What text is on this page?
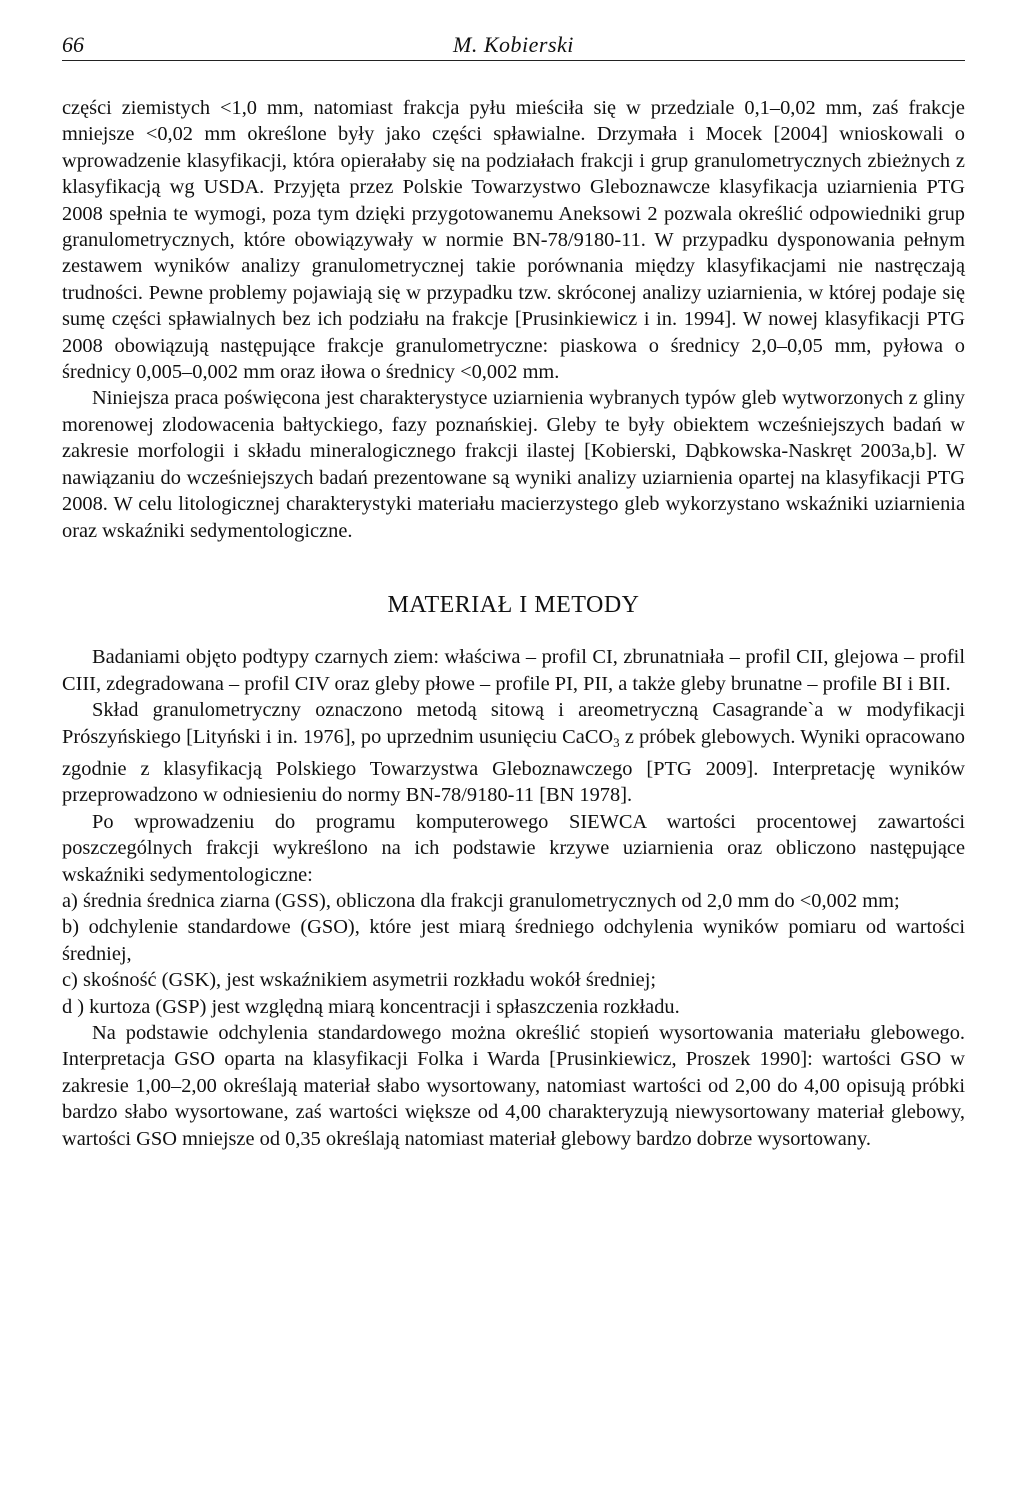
66	M. Kobierski

części ziemistych <1,0 mm, natomiast frakcja pyłu mieściła się w przedziale 0,1–0,02 mm, zaś frakcje mniejsze <0,02 mm określone były jako części spławialne. Drzymała i Mocek [2004] wnioskowali o wprowadzenie klasyfikacji, która opierałaby się na podziałach frakcji i grup granulometrycznych zbieżnych z klasyfikacją wg USDA. Przyjęta przez Polskie Towarzystwo Gleboznawcze klasyfikacja uziarnienia PTG 2008 spełnia te wymogi, poza tym dzięki przygotowanemu Aneksowi 2 pozwala określić odpowiedniki grup granulometrycznych, które obowiązywały w normie BN-78/9180-11. W przypadku dysponowania pełnym zestawem wyników analizy granulometrycznej takie porównania między klasyfikacjami nie nastręczają trudności. Pewne problemy pojawiają się w przypadku tzw. skróconej analizy uziarnienia, w której podaje się sumę części spławialnych bez ich podziału na frakcje [Prusinkiewicz i in. 1994]. W nowej klasyfikacji PTG 2008 obowiązują następujące frakcje granulometryczne: piaskowa o średnicy 2,0–0,05 mm, pyłowa o średnicy 0,005–0,002 mm oraz iłowa o średnicy <0,002 mm.

Niniejsza praca poświęcona jest charakterystyce uziarnienia wybranych typów gleb wytworzonych z gliny morenowej zlodowacenia bałtyckiego, fazy poznańskiej. Gleby te były obiektem wcześniejszych badań w zakresie morfologii i składu mineralogicznego frakcji ilastej [Kobierski, Dąbkowska-Naskręt 2003a,b]. W nawiązaniu do wcześniejszych badań prezentowane są wyniki analizy uziarnienia opartej na klasyfikacji PTG 2008. W celu litologicznej charakterystyki materiału macierzystego gleb wykorzystano wskaźniki uziarnienia oraz wskaźniki sedymentologiczne.

MATERIAŁ I METODY

Badaniami objęto podtypy czarnych ziem: właściwa – profil CI, zbrunatniała – profil CII, glejowa – profil CIII, zdegradowana – profil CIV oraz gleby płowe – profile PI, PII, a także gleby brunatne – profile BI i BII.

Skład granulometryczny oznaczono metodą sitową i areometryczną Casagrande`a w modyfikacji Prószyńskiego [Lityński i in. 1976], po uprzednim usunięciu CaCO$_3$ z próbek glebowych. Wyniki opracowano zgodnie z klasyfikacją Polskiego Towarzystwa Gleboznawczego [PTG 2009]. Interpretację wyników przeprowadzono w odniesieniu do normy BN-78/9180-11 [BN 1978].

Po wprowadzeniu do programu komputerowego SIEWCA wartości procentowej zawartości poszczególnych frakcji wykreślono na ich podstawie krzywe uziarnienia oraz obliczono następujące wskaźniki sedymentologiczne:

a) średnia średnica ziarna (GSS), obliczona dla frakcji granulometrycznych od 2,0 mm do <0,002 mm;

b) odchylenie standardowe (GSO), które jest miarą średniego odchylenia wyników pomiaru od wartości średniej,

c) skośność (GSK), jest wskaźnikiem asymetrii rozkładu wokół średniej;

d ) kurtoza (GSP) jest względną miarą koncentracji i spłaszczenia rozkładu.

Na podstawie odchylenia standardowego można określić stopień wysortowania materiału glebowego. Interpretacja GSO oparta na klasyfikacji Folka i Warda [Prusinkiewicz, Proszek 1990]: wartości GSO w zakresie 1,00–2,00 określają materiał słabo wysortowany, natomiast wartości od 2,00 do 4,00 opisują próbki bardzo słabo wysortowane, zaś wartości większe od 4,00 charakteryzują niewysortowany materiał glebowy, wartości GSO mniejsze od 0,35 określają natomiast materiał glebowy bardzo dobrze wysortowany.
